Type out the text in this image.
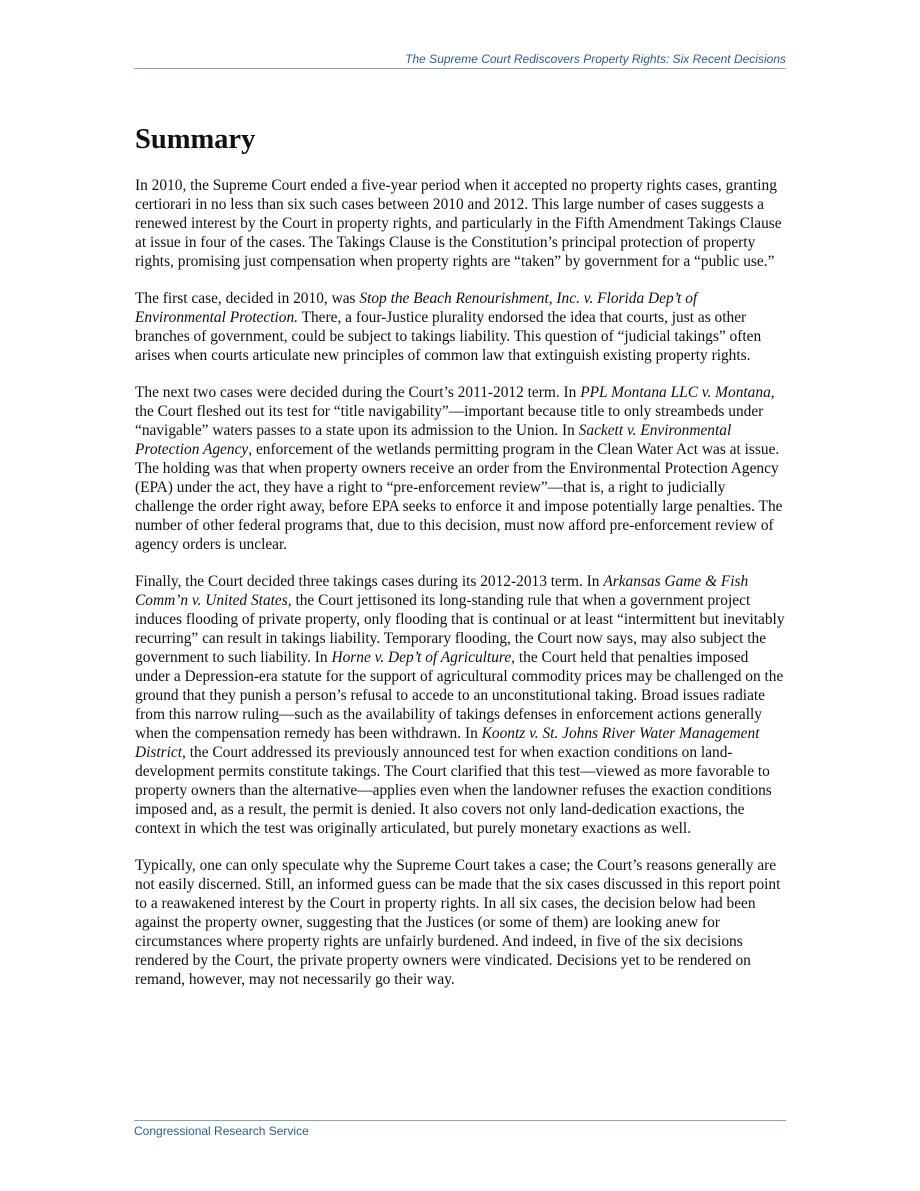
The Supreme Court Rediscovers Property Rights: Six Recent Decisions
Summary

In 2010, the Supreme Court ended a five-year period when it accepted no property rights cases, granting certiorari in no less than six such cases between 2010 and 2012. This large number of cases suggests a renewed interest by the Court in property rights, and particularly in the Fifth Amendment Takings Clause at issue in four of the cases. The Takings Clause is the Constitution’s principal protection of property rights, promising just compensation when property rights are “taken” by government for a “public use.”

The first case, decided in 2010, was Stop the Beach Renourishment, Inc. v. Florida Dep’t of Environmental Protection. There, a four-Justice plurality endorsed the idea that courts, just as other branches of government, could be subject to takings liability. This question of “judicial takings” often arises when courts articulate new principles of common law that extinguish existing property rights.

The next two cases were decided during the Court’s 2011-2012 term. In PPL Montana LLC v. Montana, the Court fleshed out its test for “title navigability”—important because title to only streambeds under “navigable” waters passes to a state upon its admission to the Union. In Sackett v. Environmental Protection Agency, enforcement of the wetlands permitting program in the Clean Water Act was at issue. The holding was that when property owners receive an order from the Environmental Protection Agency (EPA) under the act, they have a right to “pre-enforcement review”—that is, a right to judicially challenge the order right away, before EPA seeks to enforce it and impose potentially large penalties. The number of other federal programs that, due to this decision, must now afford pre-enforcement review of agency orders is unclear.

Finally, the Court decided three takings cases during its 2012-2013 term. In Arkansas Game & Fish Comm’n v. United States, the Court jettisoned its long-standing rule that when a government project induces flooding of private property, only flooding that is continual or at least “intermittent but inevitably recurring” can result in takings liability. Temporary flooding, the Court now says, may also subject the government to such liability. In Horne v. Dep’t of Agriculture, the Court held that penalties imposed under a Depression-era statute for the support of agricultural commodity prices may be challenged on the ground that they punish a person’s refusal to accede to an unconstitutional taking. Broad issues radiate from this narrow ruling—such as the availability of takings defenses in enforcement actions generally when the compensation remedy has been withdrawn. In Koontz v. St. Johns River Water Management District, the Court addressed its previously announced test for when exaction conditions on land-development permits constitute takings. The Court clarified that this test—viewed as more favorable to property owners than the alternative—applies even when the landowner refuses the exaction conditions imposed and, as a result, the permit is denied. It also covers not only land-dedication exactions, the context in which the test was originally articulated, but purely monetary exactions as well.

Typically, one can only speculate why the Supreme Court takes a case; the Court’s reasons generally are not easily discerned. Still, an informed guess can be made that the six cases discussed in this report point to a reawakened interest by the Court in property rights. In all six cases, the decision below had been against the property owner, suggesting that the Justices (or some of them) are looking anew for circumstances where property rights are unfairly burdened. And indeed, in five of the six decisions rendered by the Court, the private property owners were vindicated. Decisions yet to be rendered on remand, however, may not necessarily go their way.

Congressional Research Service
